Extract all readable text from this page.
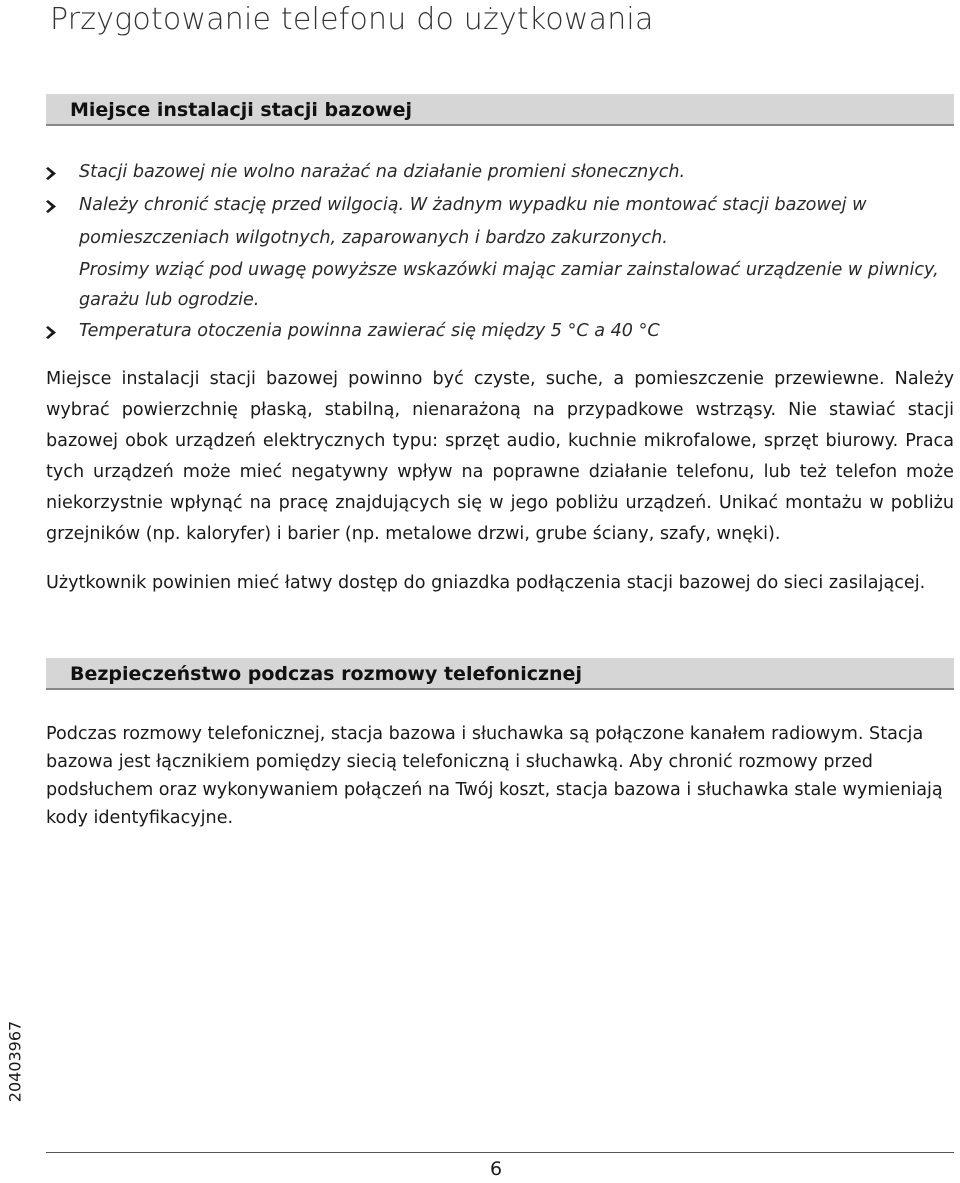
Przygotowanie telefonu do użytkowania
Miejsce instalacji stacji bazowej
Stacji bazowej nie wolno narażać na działanie promieni słonecznych.
Należy chronić stację przed wilgocią. W żadnym wypadku nie montować stacji bazowej w pomieszczeniach wilgotnych, zaparowanych i bardzo zakurzonych.
Prosimy wziąć pod uwagę powyższe wskazówki mając zamiar zainstalować urządzenie w piwnicy, garażu lub ogrodzie.
Temperatura otoczenia powinna zawierać się między 5 °C a 40 °C
Miejsce instalacji stacji bazowej powinno być czyste, suche, a pomieszczenie przewiewne. Należy wybrać powierzchnię płaską, stabilną, nienarażoną na przypadkowe wstrząsy. Nie stawiać stacji bazowej obok urządzeń elektrycznych typu: sprzęt audio, kuchnie mikrofalowe, sprzęt biurowy. Praca tych urządzeń może mieć negatywny wpływ na poprawne działanie telefonu, lub też telefon może niekorzystnie wpłynąć na pracę znajdujących się w jego pobliżu urządzeń. Unikać montażu w pobliżu grzejników (np. kaloryfer) i barier (np. metalowe drzwi, grube ściany, szafy, wnęki).
Użytkownik powinien mieć łatwy dostęp do gniazdka podłączenia stacji bazowej do sieci zasilającej.
Bezpieczeństwo podczas rozmowy telefonicznej
Podczas rozmowy telefonicznej, stacja bazowa i słuchawka są połączone kanałem radiowym. Stacja bazowa jest łącznikiem pomiędzy siecią telefoniczną i słuchawką. Aby chronić rozmowy przed podsłuchem oraz wykonywaniem połączeń na Twój koszt, stacja bazowa i słuchawka stale wymieniają kody identyfikacyjne.
20403967
6
